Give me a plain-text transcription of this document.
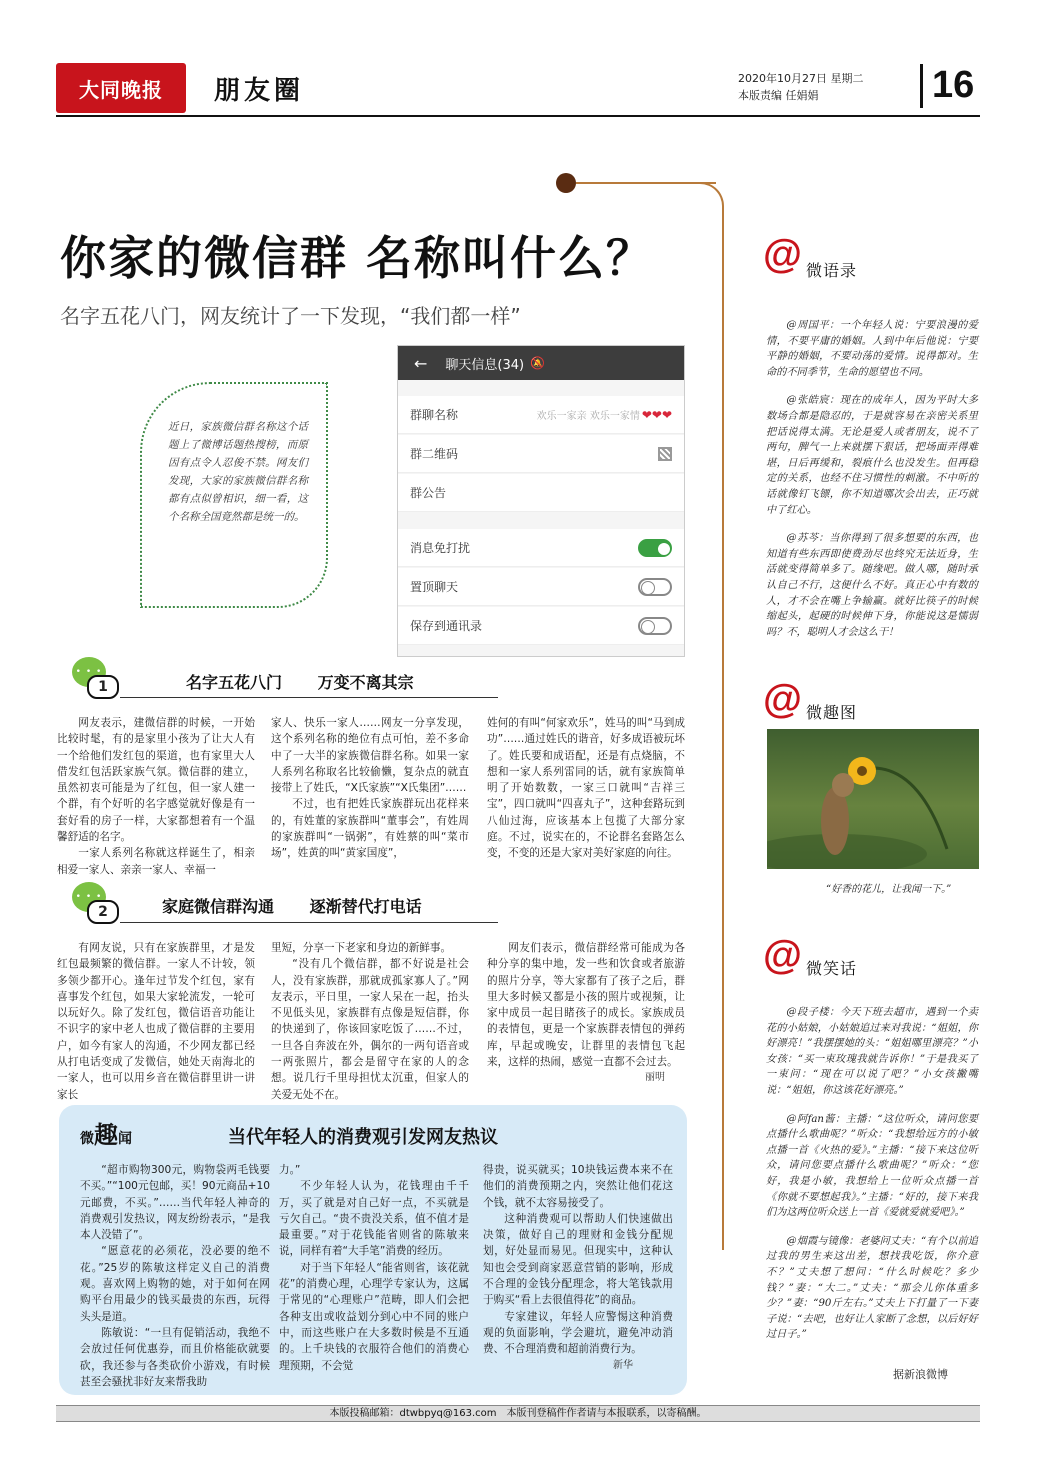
大同晚报	朋友圈	2020年10月27日 星期二
本版责编 任娟娟	16
你家的微信群 名称叫什么？
名字五花八门，网友统计了一下发现，“我们都一样”
近日，家族微信群名称这个话题上了微博话题热搜榜，而原因有点令人忍俊不禁。网友们发现，大家的家族微信群名称都有点似曾相识，细一看，这个名称全国竟然都是统一的。
← 聊天信息(34) 🔕
群聊名称	欢乐一家亲 欢乐一家情 ❤❤❤
群二维码
群公告
消息免打扰
置顶聊天
保存到通讯录
• • •
1	名字五花八门 万变不离其宗

网友表示，建微信群的时候，一开始比较时髦，有的是家里小孩为了让大人有一个给他们发红包的渠道，也有家里大人借发红包活跃家族气氛。微信群的建立，虽然初衷可能是为了红包，但一家人建一个群，有个好听的名字感觉就好像是有一套好看的房子一样，大家都想着有一个温馨舒适的名字。

一家人系列名称就这样诞生了，相亲相爱一家人、亲亲一家人、幸福一

家人、快乐一家人……网友一分享发现，这个系列名称的绝位有点可怕，差不多命中了一大半的家族微信群名称。如果一家人系列名称取名比较偷懒，复杂点的就直接带上了姓氏，“X氏家族”“X氏集团”……

不过，也有把姓氏家族群玩出花样来的，有姓董的家族群叫“董事会”，有姓周的家族群叫“一锅粥”，有姓蔡的叫“菜市场”，姓黄的叫“黄家国度”，

姓何的有叫“何家欢乐”，姓马的叫“马到成功”……通过姓氏的谐音，好多成语被玩坏了。姓氏要和成语配，还是有点烧脑，不想和一家人系列雷同的话，就有家族简单明了开始数数，一家三口就叫“吉祥三宝”，四口就叫“四喜丸子”，这种套路玩到八仙过海，应该基本上包揽了大部分家庭。不过，说实在的，不论群名套路怎么变，不变的还是大家对美好家庭的向往。

• • •
2	家庭微信群沟通 逐渐替代打电话

有网友说，只有在家族群里，才是发红包最频繁的微信群。一家人不计较，领多领少都开心。逢年过节发个红包，家有喜事发个红包，如果大家轮流发，一轮可以玩好久。除了发红包，微信语音功能让不识字的家中老人也成了微信群的主要用户，如今有家人的沟通，不少网友都已经从打电话变成了发微信，她处天南海北的一家人，也可以用乡音在微信群里讲一讲家长

里短，分享一下老家和身边的新鲜事。

“没有几个微信群，都不好说是社会人，没有家族群，那就成孤家寡人了。”网友表示，平日里，一家人呆在一起，抬头不见低头见，家族群有点像是短信群，你的快递到了，你该回家吃饭了……不过，一旦各自奔波在外，偶尔的一两句语音或一两张照片，都会是留守在家的人的念想。说几行千里母担忧太沉重，但家人的关爱无处不在。

网友们表示，微信群经常可能成为各种分享的集中地，发一些和饮食或者旅游的照片分享，等大家都有了孩子之后，群里大多时候又都是小孩的照片或视频，让家中成员一起目睹孩子的成长。家族成员的表情包，更是一个家族群表情包的弹药库，早起或晚安，让群里的表情包飞起来，这样的热闹，感觉一直都不会过去。

丽明
微趣闻	当代年轻人的消费观引发网友热议

“超市购物300元，购物袋两毛钱要不买。”“100元包邮，买！90元商品+10元邮费，不买。”……当代年轻人神奇的消费观引发热议，网友纷纷表示，“是我本人没错了”。

“愿意花的必须花，没必要的绝不花。”25岁的陈敏这样定义自己的消费观。喜欢网上购物的她，对于如何在网购平台用最少的钱买最贵的东西，玩得头头是道。

陈敏说：“一旦有促销活动，我绝不会放过任何优惠券，而且价格能砍就要砍，我还参与各类砍价小游戏，有时候甚至会骚扰非好友来帮我助

力。”

不少年轻人认为，花钱理由千千万，买了就是对自己好一点，不买就是亏欠自己。“贵不贵没关系，值不值才是最重要。”对于花钱能省则省的陈敏来说，同样有着“大手笔”消费的经历。

对于当下年轻人“能省则省，该花就花”的消费心理，心理学专家认为，这属于常见的“心理账户”范畴，即人们会把各种支出或收益划分到心中不同的账户中，而这些账户在大多数时候是不互通的。上千块钱的衣服符合他们的消费心理预期，不会觉

得贵，说买就买；10块钱运费本来不在他们的消费预期之内，突然让他们花这个钱，就不太容易接受了。

这种消费观可以帮助人们快速做出决策，做好自己的理财和金钱分配规划，好处显而易见。但现实中，这种认知也会受到商家恶意营销的影响，形成不合理的金钱分配理念，将大笔钱款用于购买“看上去很值得花”的商品。

专家建议，年轻人应警惕这种消费观的负面影响，学会避坑，避免冲动消费、不合理消费和超前消费行为。

新华
@ 微语录

@周国平：一个年轻人说：宁要浪漫的爱情，不要平庸的婚姻。人到中年后他说：宁要平静的婚姻，不要动荡的爱情。说得都对。生命的不同季节，生命的愿望也不同。

@张皓宸：现在的成年人，因为平时大多数场合都是隐忍的，于是就容易在亲密关系里把话说得太满。无论是爱人或者朋友，说不了两句，脾气一上来就摆下狠话，把场面弄得难堪，日后再缓和，裂痕什么也没发生。但再稳定的关系，也经不住习惯性的刺激。不中听的话就像钉飞镖，你不知道哪次会出去，正巧就中了红心。

@苏芩：当你得到了很多想要的东西，也知道有些东西即使费劲尽也终究无法近身，生活就变得简单多了。随缘吧。做人哪，随时承认自己不行，这便什么不好。真正心中有数的人，才不会在嘴上争输赢。就好比筷子的时候缩起头，起硬的时候伸下身，你能说这是懦弱吗？不，聪明人才会这么干！

@ 微趣图
“好香的花儿，让我闻一下。”
@ 微笑话

@段子楼：今天下班去超市，遇到一个卖花的小姑娘，小姑娘追过来对我说：“姐姐，你好漂亮！”我摆摆她的头：“姐姐哪里漂亮？”小女孩：“买一束玫瑰我就告诉你！”于是我买了一束问：“现在可以说了吧？”小女孩撇嘴说：“姐姐，你这该花好漂亮。”

@阿fan酱：主播：“这位听众，请问您要点播什么歌曲呢？”听众：“我想给远方的小敏点播一首《火热的爱》。”主播：“接下来这位听众，请问您要点播什么歌曲呢？”听众：“您好，我是小敏，我想给上一位听众点播一首《你就不要想起我》。”主播：“好的，接下来我们为这两位听众送上一首《爱就爱就爱吧》。”

@烟霞与镜像：老婆问丈夫：“有个以前追过我的男生来这出差，想找我吃饭，你介意不？”丈夫想了想问：“什么时候吃？多少钱？”妻：“大二。”丈夫：“那会儿你体重多少？”妻：“90斤左右。”丈夫上下打量了一下妻子说：“去吧，也好让人家断了念想，以后好好过日子。”

据新浪微博
本版投稿邮箱：dtwbpyq@163.com　本版刊登稿件作者请与本报联系，以寄稿酬。
